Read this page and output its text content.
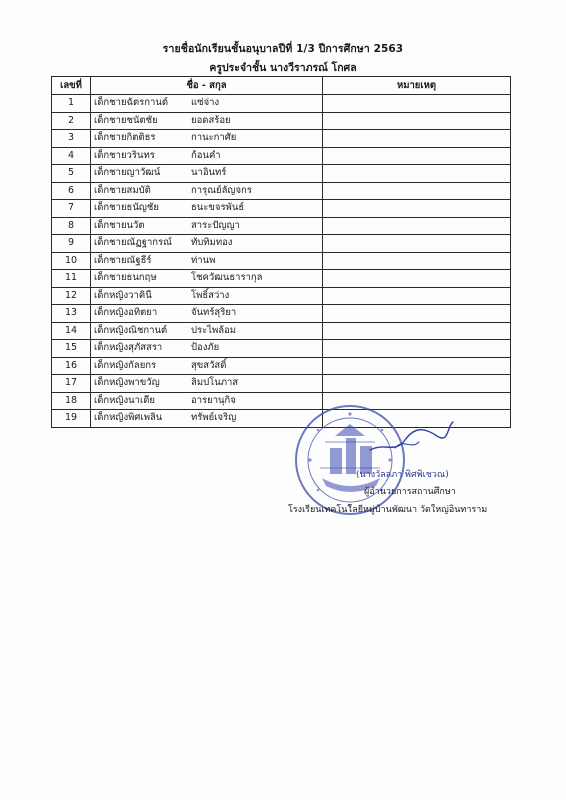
รายชื่อนักเรียนชั้นอนุบาลปีที่ 1/3 ปีการศึกษา 2563
ครูประจำชั้น นางวีราภรณ์ โกศล
เลขที่	ชื่อ - สกุล	หมายเหตุ
1	เด็กชายฉัตรกานต์ แซ่จ่าง	

2	เด็กชายชนัตชัย ยอดสร้อย	

3	เด็กชายกิตติธร กานะกาศัย	

4	เด็กชายวรินทร ก้อนคำ	

5	เด็กชายญาวัฒน์ นาอินทร์	

6	เด็กชายสมบัติ การุณย์ลัญจกร	

7	เด็กชายธนัญชัย ธนะขจรพันธ์	

8	เด็กชายนวัต สาระปัญญา	

9	เด็กชายณัฏฐากรณ์ ทับทิมทอง	

10	เด็กชายณัฐธีร์ ท่านพ	

11	เด็กชายธนกฤษ โชควัฒนธารากุล	

12	เด็กหญิงวาคินี โพธิ์สว่าง	

13	เด็กหญิงอทิตยา จันทร์สุริยา	

14	เด็กหญิงณิชกานต์ ประไพล้อม	

15	เด็กหญิงสุภัสสรา ป้องภัย	

16	เด็กหญิงกัลยกร สุขสวัสดิ์	

17	เด็กหญิงพาขวัญ ลิมปโนภาส	

18	เด็กหญิงนาเดีย อารยานุกิจ	

19	เด็กหญิงพิศเพลิน ทรัพย์เจริญ	

(นางวัลลภา พิศพิเชวณ)
ผู้อำนวยการสถานศึกษา
โรงเรียนเทคโนโลยีหมู่บ้านพัฒนา วัดใหญ่อินทาราม
